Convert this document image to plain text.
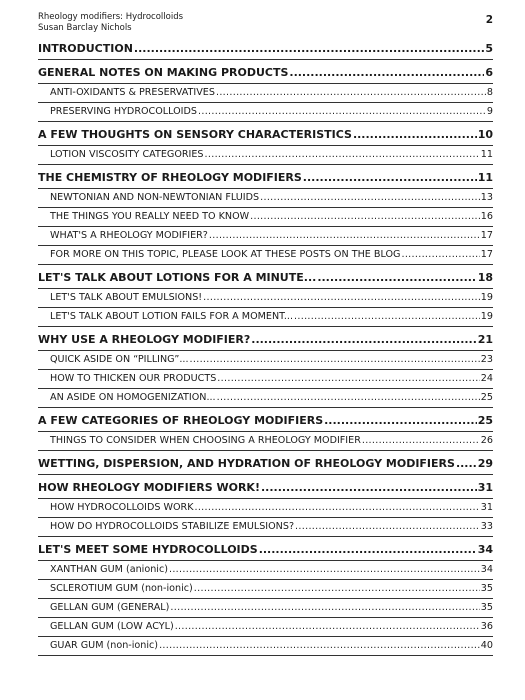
Rheology modifiers: Hydrocolloids
Susan Barclay Nichols
2
INTRODUCTION .....	5
GENERAL NOTES ON MAKING PRODUCTS .....	6
ANTI-OXIDANTS & PRESERVATIVES .....	8
PRESERVING HYDROCOLLOIDS .....	9
A FEW THOUGHTS ON SENSORY CHARACTERISTICS .....	10
LOTION VISCOSITY CATEGORIES .....	11
THE CHEMISTRY OF RHEOLOGY MODIFIERS .....	11
NEWTONIAN AND NON-NEWTONIAN FLUIDS .....	13
THE THINGS YOU REALLY NEED TO KNOW .....	16
WHAT'S A RHEOLOGY MODIFIER? .....	17
FOR MORE ON THIS TOPIC, PLEASE LOOK AT THESE POSTS ON THE BLOG .....	17
LET'S TALK ABOUT LOTIONS FOR A MINUTE... .....	18
LET'S TALK ABOUT EMULSIONS! .....	19
LET'S TALK ABOUT LOTION FAILS FOR A MOMENT... .....	19
WHY USE A RHEOLOGY MODIFIER? .....	21
QUICK ASIDE ON “PILLING”... .....	23
HOW TO THICKEN OUR PRODUCTS .....	24
AN ASIDE ON HOMOGENIZATION... .....	25
A FEW CATEGORIES OF RHEOLOGY MODIFIERS .....	25
THINGS TO CONSIDER WHEN CHOOSING A RHEOLOGY MODIFIER .....	26
WETTING, DISPERSION, AND HYDRATION OF RHEOLOGY MODIFIERS ..... 29
HOW RHEOLOGY MODIFIERS WORK! .....	31
HOW HYDROCOLLOIDS WORK .....	31
HOW DO HYDROCOLLOIDS STABILIZE EMULSIONS? .....	33
LET'S MEET SOME HYDROCOLLOIDS .....	34
XANTHAN GUM (anionic) .....	34
SCLEROTIUM GUM (non-ionic) .....	35
GELLAN GUM (GENERAL) .....	35
GELLAN GUM (LOW ACYL) .....	36
GUAR GUM (non-ionic) .....	40
